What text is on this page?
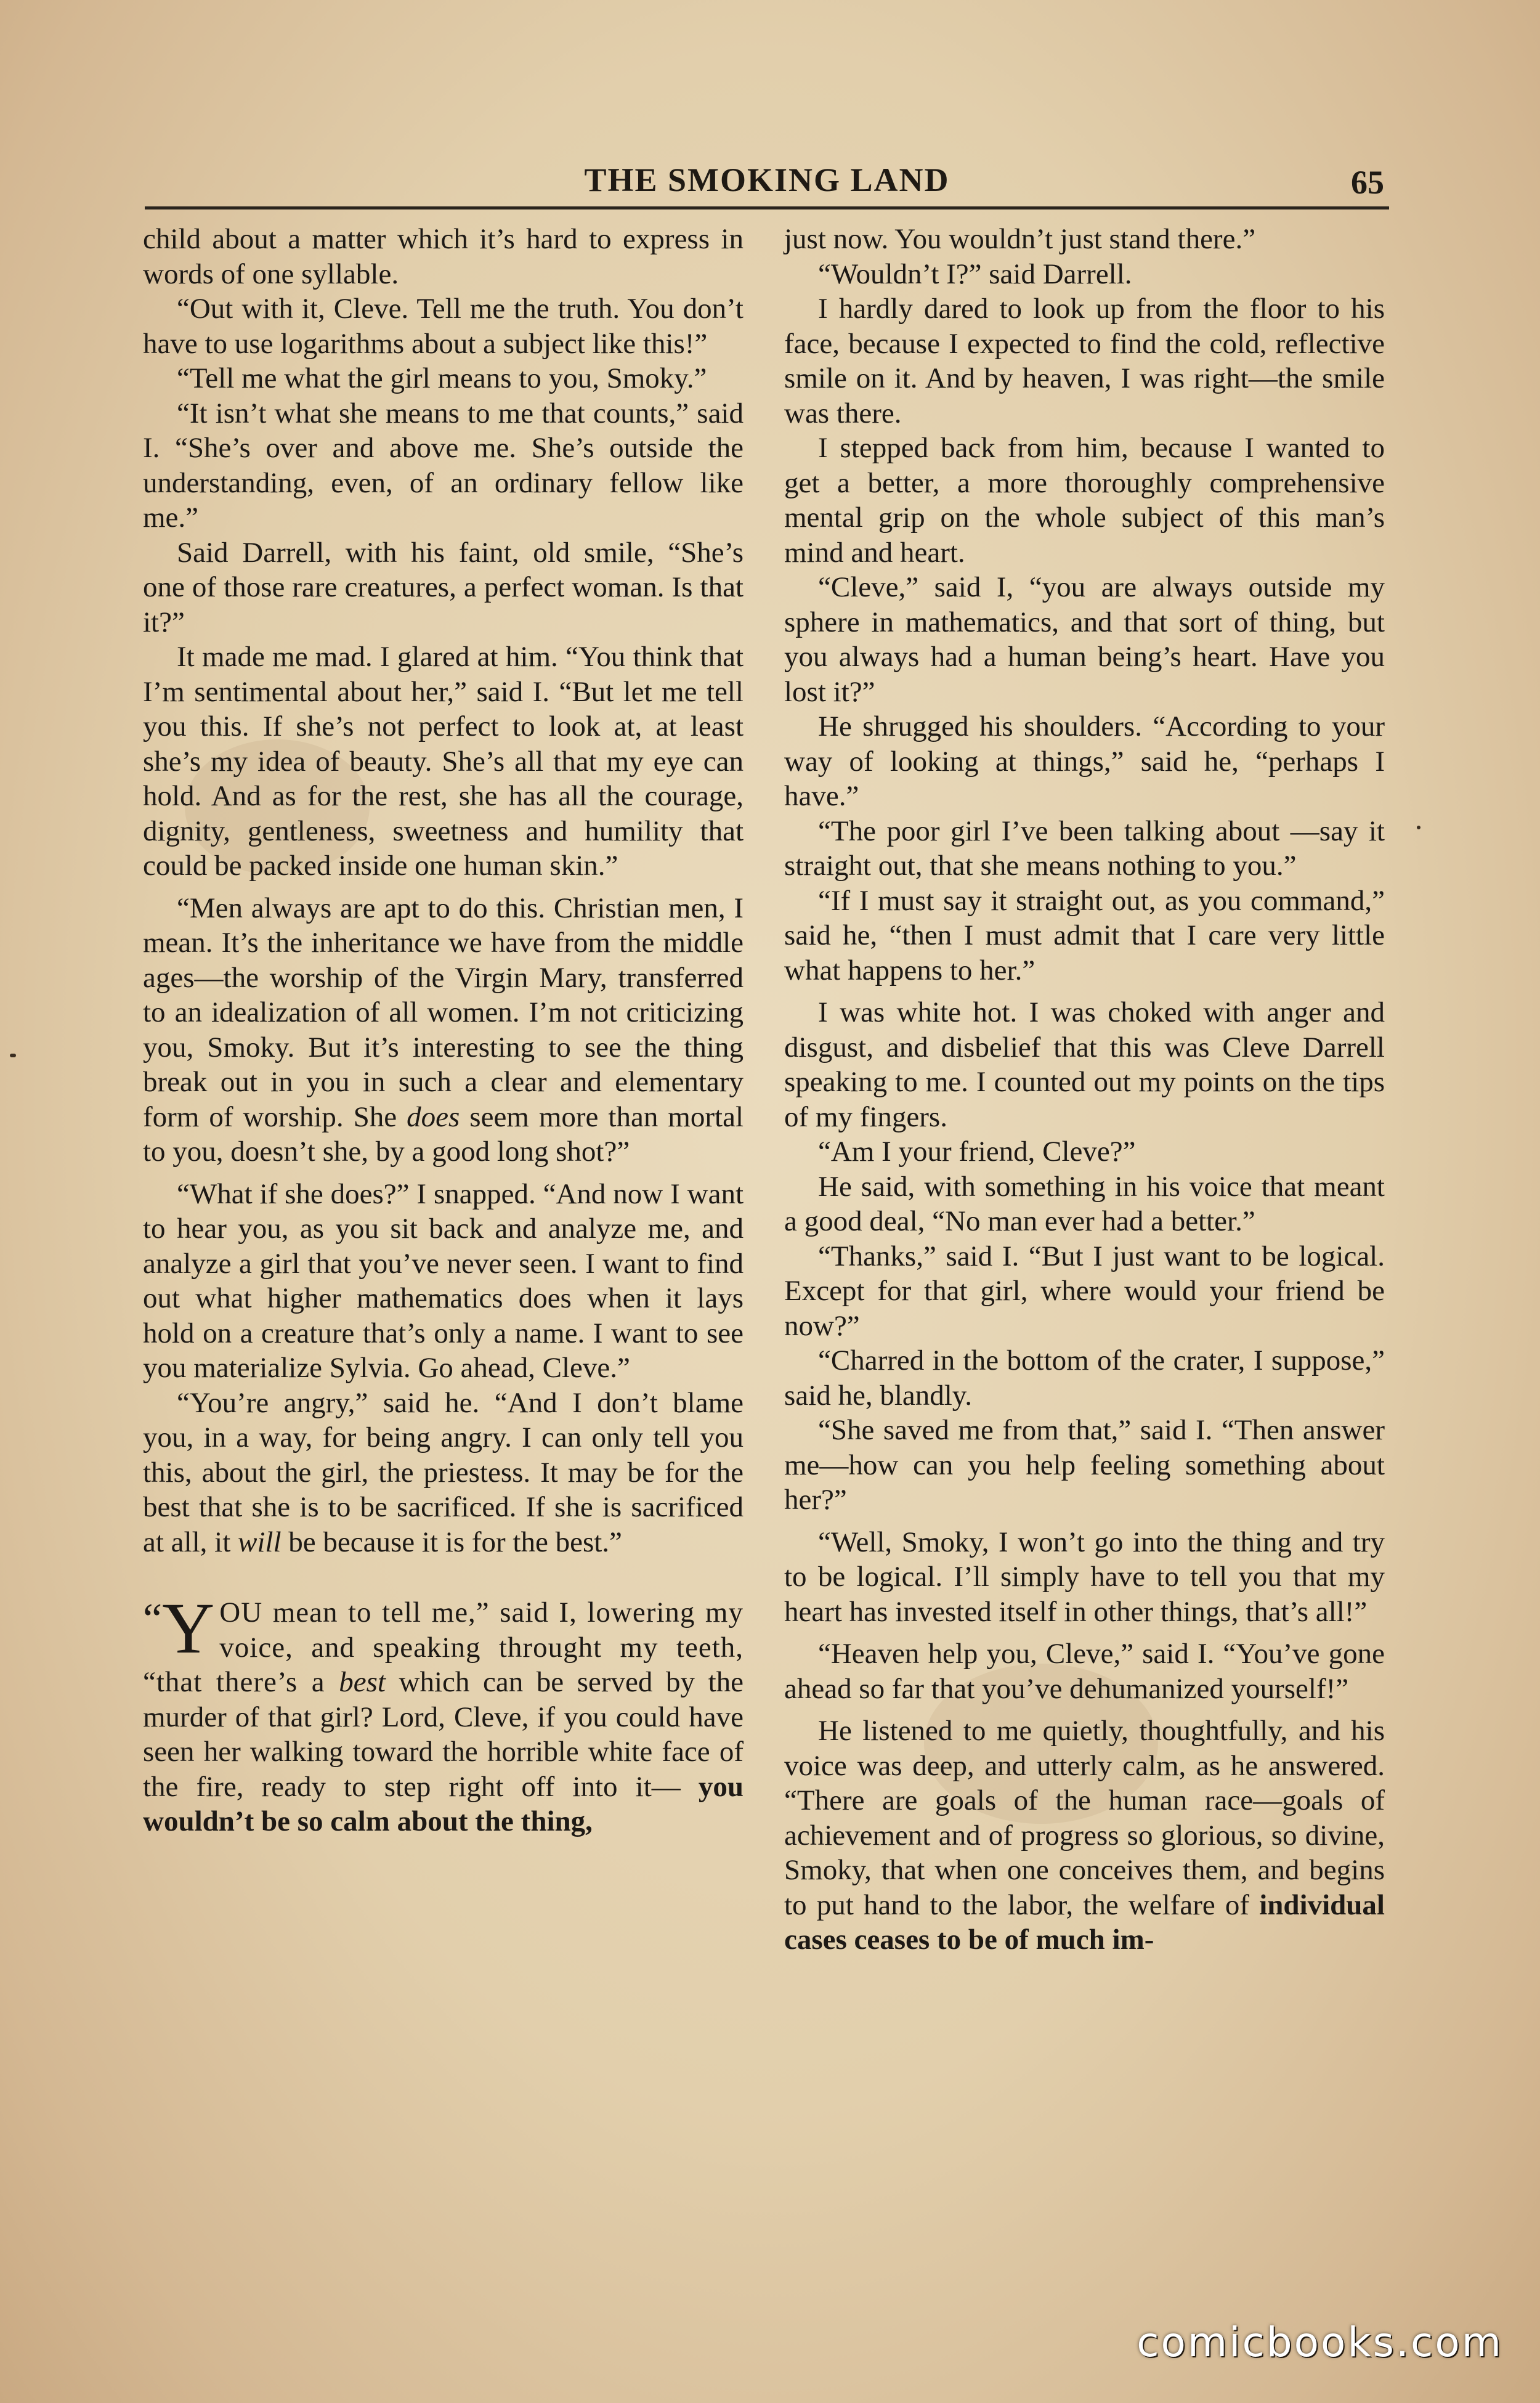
THE SMOKING LAND	65

child about a matter which it’s hard to express in words of one syllable.

“Out with it, Cleve. Tell me the truth. You don’t have to use logarithms about a subject like this!”

“Tell me what the girl means to you, Smoky.”

“It isn’t what she means to me that counts,” said I. “She’s over and above me. She’s outside the understanding, even, of an ordinary fellow like me.”

Said Darrell, with his faint, old smile, “She’s one of those rare creatures, a perfect woman. Is that it?”

It made me mad. I glared at him. “You think that I’m sentimental about her,” said I. “But let me tell you this. If she’s not perfect to look at, at least she’s my idea of beauty. She’s all that my eye can hold. And as for the rest, she has all the courage, dignity, gentleness, sweetness and humility that could be packed inside one human skin.”

“Men always are apt to do this. Christian men, I mean. It’s the inheritance we have from the middle ages—the worship of the Virgin Mary, transferred to an idealization of all women. I’m not criticizing you, Smoky. But it’s interesting to see the thing break out in you in such a clear and elementary form of worship. She does seem more than mortal to you, doesn’t she, by a good long shot?”

“What if she does?” I snapped. “And now I want to hear you, as you sit back and analyze me, and analyze a girl that you’ve never seen. I want to find out what higher mathematics does when it lays hold on a creature that’s only a name. I want to see you materialize Sylvia. Go ahead, Cleve.”

“You’re angry,” said he. “And I don’t blame you, in a way, for being angry. I can only tell you this, about the girl, the priestess. It may be for the best that she is to be sacrificed. If she is sacrificed at all, it will be because it is for the best.”

“Y OU mean to tell me,” said I, lowering my voice, and speaking throught my teeth, “that there’s a best which can be served by the murder of that girl? Lord, Cleve, if you could have seen her walking toward the horrible white face of the fire, ready to step right off into it— you wouldn’t be so calm about the thing,

just now. You wouldn’t just stand there.”

“Wouldn’t I?” said Darrell.

I hardly dared to look up from the floor to his face, because I expected to find the cold, reflective smile on it. And by heaven, I was right—the smile was there.

I stepped back from him, because I wanted to get a better, a more thoroughly comprehensive mental grip on the whole subject of this man’s mind and heart.

“Cleve,” said I, “you are always outside my sphere in mathematics, and that sort of thing, but you always had a human being’s heart. Have you lost it?”

He shrugged his shoulders. “According to your way of looking at things,” said he, “perhaps I have.”

“The poor girl I’ve been talking about —say it straight out, that she means nothing to you.”

“If I must say it straight out, as you command,” said he, “then I must admit that I care very little what happens to her.”

I was white hot. I was choked with anger and disgust, and disbelief that this was Cleve Darrell speaking to me. I counted out my points on the tips of my fingers.

“Am I your friend, Cleve?”

He said, with something in his voice that meant a good deal, “No man ever had a better.”

“Thanks,” said I. “But I just want to be logical. Except for that girl, where would your friend be now?”

“Charred in the bottom of the crater, I suppose,” said he, blandly.

“She saved me from that,” said I. “Then answer me—how can you help feeling something about her?”

“Well, Smoky, I won’t go into the thing and try to be logical. I’ll simply have to tell you that my heart has invested itself in other things, that’s all!”

“Heaven help you, Cleve,” said I. “You’ve gone ahead so far that you’ve dehumanized yourself!”

He listened to me quietly, thoughtfully, and his voice was deep, and utterly calm, as he answered. “There are goals of the human race—goals of achievement and of progress so glorious, so divine, Smoky, that when one conceives them, and begins to put hand to the labor, the welfare of individual cases ceases to be of much im-

comicbooks.com
